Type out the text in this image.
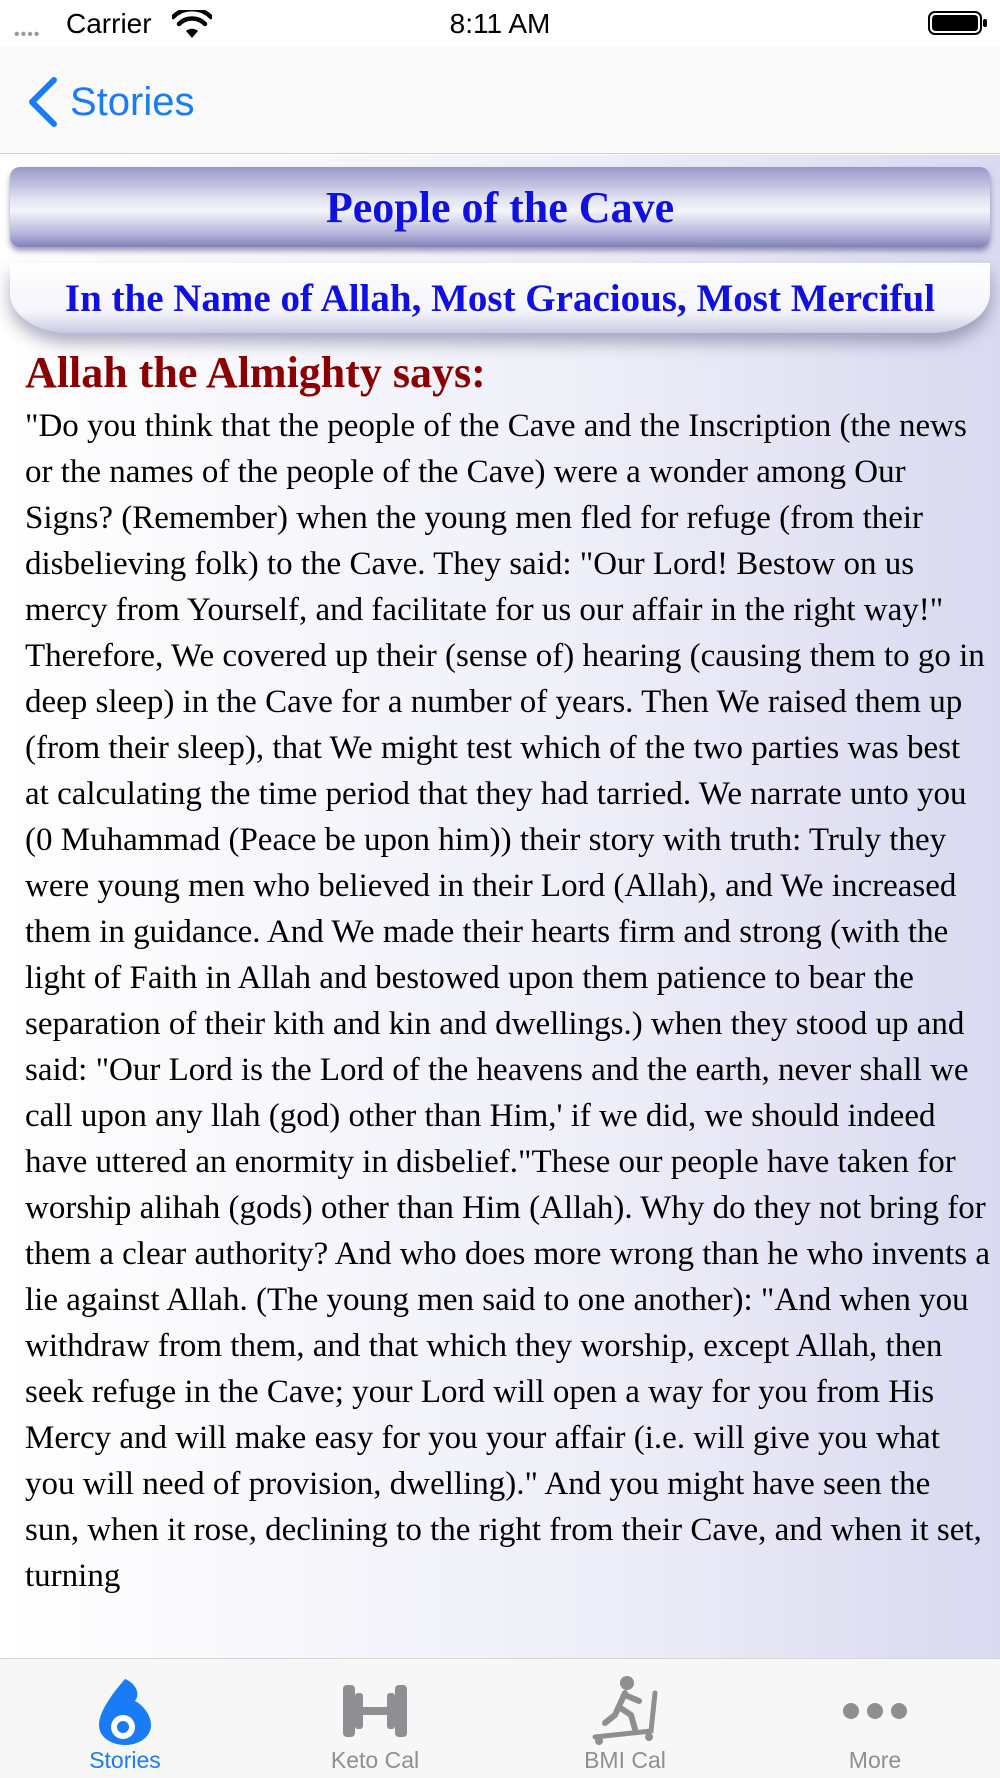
•••• Carrier	8:11 AM
Stories
People of the Cave
In the Name of Allah, Most Gracious, Most Merciful
Allah the Almighty says:
"Do you think that the people of the Cave and the Inscription (the news or the names of the people of the Cave) were a wonder among Our Signs? (Remember) when the young men fled for refuge (from their disbelieving folk) to the Cave. They said: "Our Lord! Bestow on us mercy from Yourself, and facilitate for us our affair in the right way!" Therefore, We covered up their (sense of) hearing (causing them to go in deep sleep) in the Cave for a number of years. Then We raised them up (from their sleep), that We might test which of the two parties was best at calculating the time period that they had tarried. We narrate unto you (0 Muhammad (Peace be upon him)) their story with truth: Truly they were young men who believed in their Lord (Allah), and We increased them in guidance. And We made their hearts firm and strong (with the light of Faith in Allah and bestowed upon them patience to bear the separation of their kith and kin and dwellings.) when they stood up and said: "Our Lord is the Lord of the heavens and the earth, never shall we call upon any llah (god) other than Him,' if we did, we should indeed have uttered an enormity in disbelief."These our people have taken for worship alihah (gods) other than Him (Allah). Why do they not bring for them a clear authority? And who does more wrong than he who invents a lie against Allah. (The young men said to one another): "And when you withdraw from them, and that which they worship, except Allah, then seek refuge in the Cave; your Lord will open a way for you from His Mercy and will make easy for you your affair (i.e. will give you what you will need of provision, dwelling)." And you might have seen the sun, when it rose, declining to the right from their Cave, and when it set, turning
Stories	Keto Cal	BMI Cal	More
